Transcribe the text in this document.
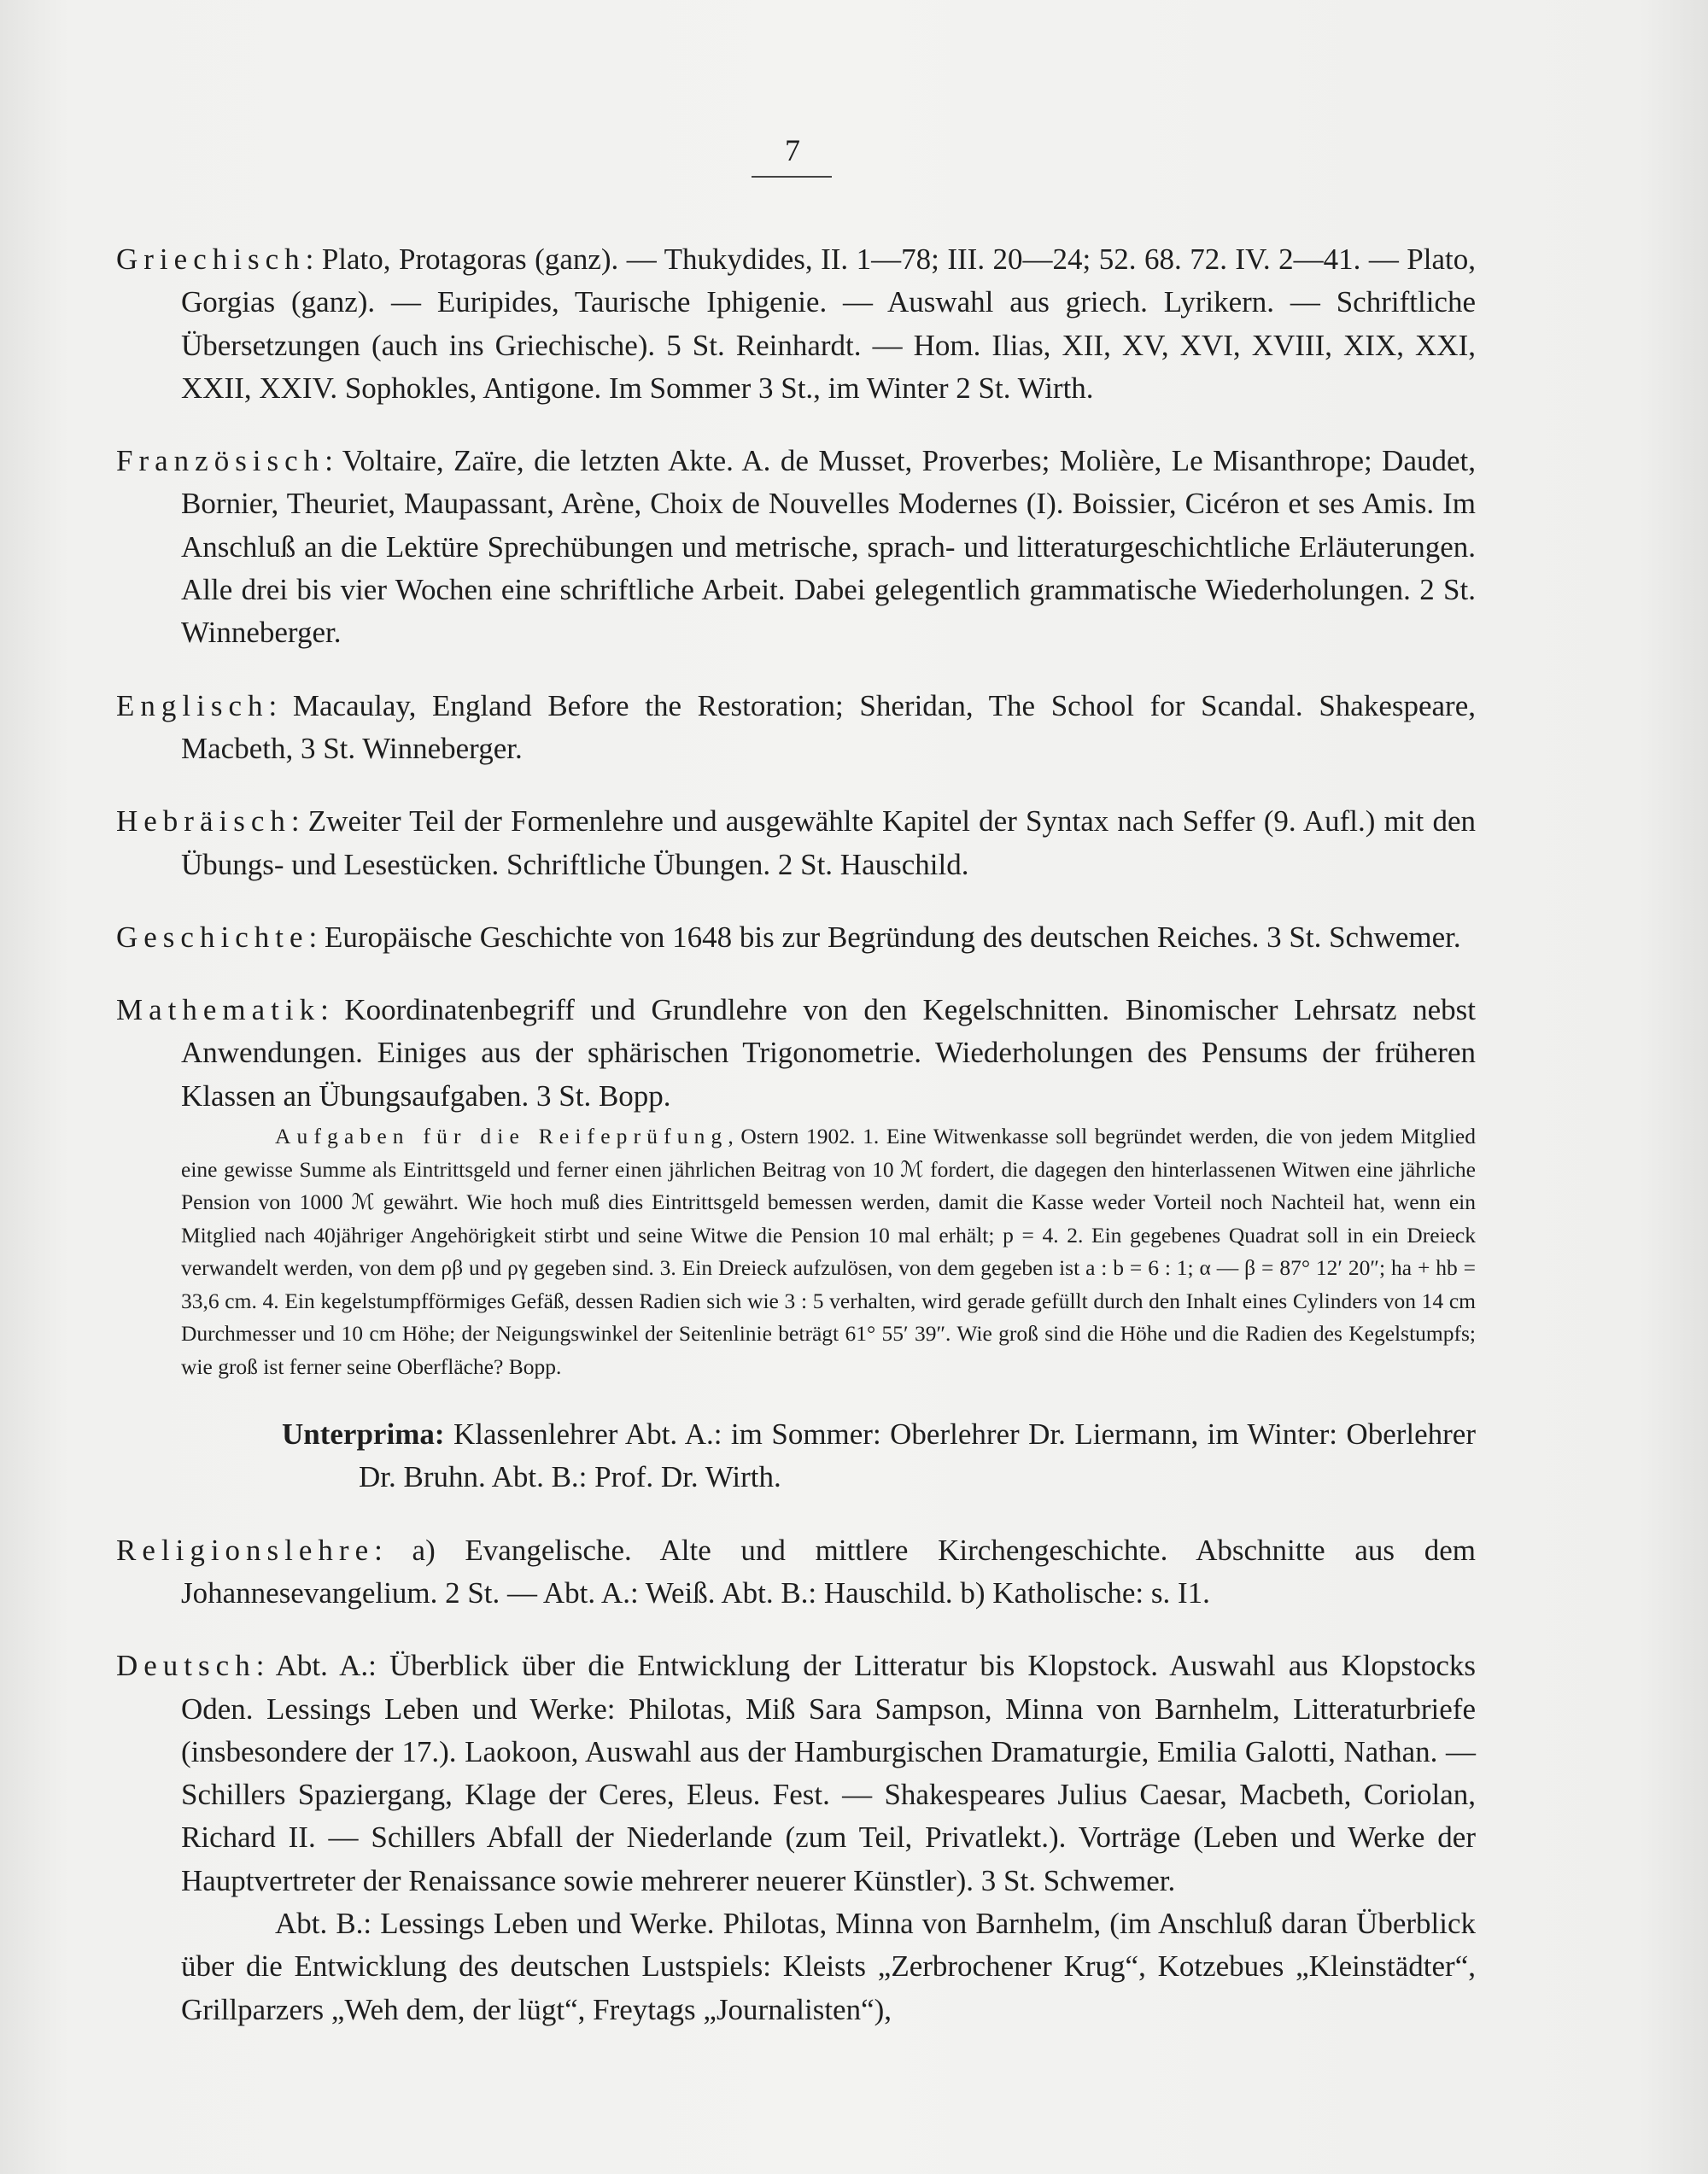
7

Griechisch: Plato, Protagoras (ganz). — Thukydides, II. 1—78; III. 20—24; 52. 68. 72. IV. 2—41. — Plato, Gorgias (ganz). — Euripides, Taurische Iphigenie. — Auswahl aus griech. Lyrikern. — Schriftliche Übersetzungen (auch ins Griechische). 5 St. Reinhardt. — Hom. Ilias, XII, XV, XVI, XVIII, XIX, XXI, XXII, XXIV. Sophokles, Antigone. Im Sommer 3 St., im Winter 2 St. Wirth.

Französisch: Voltaire, Zaïre, die letzten Akte. A. de Musset, Proverbes; Molière, Le Misanthrope; Daudet, Bornier, Theuriet, Maupassant, Arène, Choix de Nouvelles Modernes (I). Boissier, Cicéron et ses Amis. Im Anschluß an die Lektüre Sprechübungen und metrische, sprach- und litteraturgeschichtliche Erläuterungen. Alle drei bis vier Wochen eine schriftliche Arbeit. Dabei gelegentlich grammatische Wiederholungen. 2 St. Winneberger.

Englisch: Macaulay, England Before the Restoration; Sheridan, The School for Scandal. Shakespeare, Macbeth, 3 St. Winneberger.

Hebräisch: Zweiter Teil der Formenlehre und ausgewählte Kapitel der Syntax nach Seffer (9. Aufl.) mit den Übungs- und Lesestücken. Schriftliche Übungen. 2 St. Hauschild.

Geschichte: Europäische Geschichte von 1648 bis zur Begründung des deutschen Reiches. 3 St. Schwemer.

Mathematik: Koordinatenbegriff und Grundlehre von den Kegelschnitten. Binomischer Lehrsatz nebst Anwendungen. Einiges aus der sphärischen Trigonometrie. Wiederholungen des Pensums der früheren Klassen an Übungsaufgaben. 3 St. Bopp.

Aufgaben für die Reifeprüfung, Ostern 1902. 1. Eine Witwenkasse soll begründet werden, die von jedem Mitglied eine gewisse Summe als Eintrittsgeld und ferner einen jährlichen Beitrag von 10 ℳ fordert, die dagegen den hinterlassenen Witwen eine jährliche Pension von 1000 ℳ gewährt. Wie hoch muß dies Eintrittsgeld bemessen werden, damit die Kasse weder Vorteil noch Nachteil hat, wenn ein Mitglied nach 40jähriger Angehörigkeit stirbt und seine Witwe die Pension 10 mal erhält; p = 4. 2. Ein gegebenes Quadrat soll in ein Dreieck verwandelt werden, von dem ρβ und ργ gegeben sind. 3. Ein Dreieck aufzulösen, von dem gegeben ist a : b = 6 : 1; α — β = 87° 12′ 20″; ha + hb = 33,6 cm. 4. Ein kegelstumpfförmiges Gefäß, dessen Radien sich wie 3 : 5 verhalten, wird gerade gefüllt durch den Inhalt eines Cylinders von 14 cm Durchmesser und 10 cm Höhe; der Neigungswinkel der Seitenlinie beträgt 61° 55′ 39″. Wie groß sind die Höhe und die Radien des Kegelstumpfs; wie groß ist ferner seine Oberfläche? Bopp.

Unterprima: Klassenlehrer Abt. A.: im Sommer: Oberlehrer Dr. Liermann, im Winter: Oberlehrer Dr. Bruhn. Abt. B.: Prof. Dr. Wirth.

Religionslehre: a) Evangelische. Alte und mittlere Kirchengeschichte. Abschnitte aus dem Johannesevangelium. 2 St. — Abt. A.: Weiß. Abt. B.: Hauschild. b) Katholische: s. I1.

Deutsch: Abt. A.: Überblick über die Entwicklung der Litteratur bis Klopstock. Auswahl aus Klopstocks Oden. Lessings Leben und Werke: Philotas, Miß Sara Sampson, Minna von Barnhelm, Litteraturbriefe (insbesondere der 17.). Laokoon, Auswahl aus der Hamburgischen Dramaturgie, Emilia Galotti, Nathan. — Schillers Spaziergang, Klage der Ceres, Eleus. Fest. — Shakespeares Julius Caesar, Macbeth, Coriolan, Richard II. — Schillers Abfall der Niederlande (zum Teil, Privatlekt.). Vorträge (Leben und Werke der Hauptvertreter der Renaissance sowie mehrerer neuerer Künstler). 3 St. Schwemer.

Abt. B.: Lessings Leben und Werke. Philotas, Minna von Barnhelm, (im Anschluß daran Überblick über die Entwicklung des deutschen Lustspiels: Kleists „Zerbrochener Krug“, Kotzebues „Kleinstädter“, Grillparzers „Weh dem, der lügt“, Freytags „Journalisten“),
